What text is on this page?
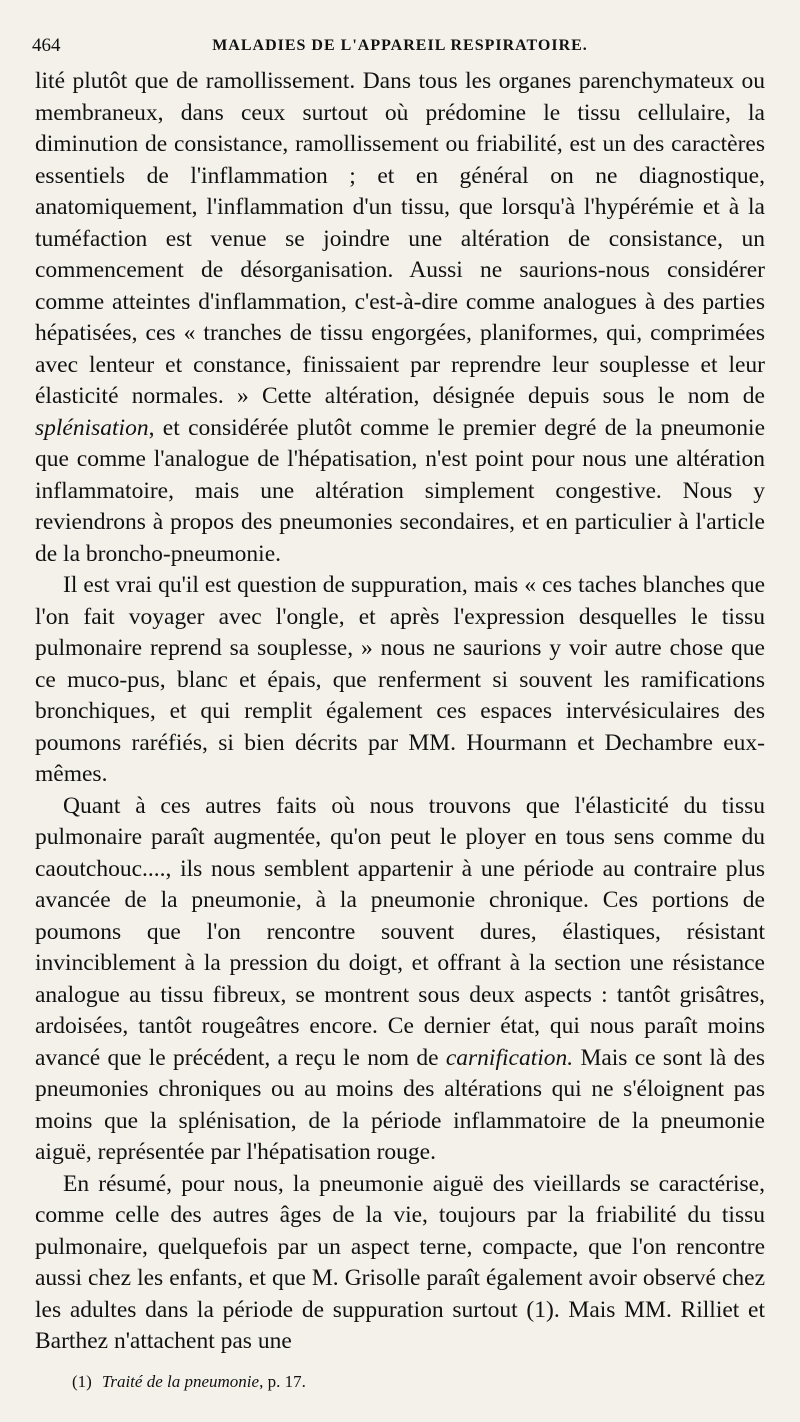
464	MALADIES DE L'APPAREIL RESPIRATOIRE.

lité plutôt que de ramollissement. Dans tous les organes parenchymateux ou membraneux, dans ceux surtout où prédomine le tissu cellulaire, la diminution de consistance, ramollissement ou friabilité, est un des caractères essentiels de l'inflammation ; et en général on ne diagnostique, anatomiquement, l'inflammation d'un tissu, que lorsqu'à l'hypérémie et à la tuméfaction est venue se joindre une altération de consistance, un commencement de désorganisation. Aussi ne saurions-nous considérer comme atteintes d'inflammation, c'est-à-dire comme analogues à des parties hépatisées, ces « tranches de tissu engorgées, planiformes, qui, comprimées avec lenteur et constance, finissaient par reprendre leur souplesse et leur élasticité normales. » Cette altération, désignée depuis sous le nom de splénisation, et considérée plutôt comme le premier degré de la pneumonie que comme l'analogue de l'hépatisation, n'est point pour nous une altération inflammatoire, mais une altération simplement congestive. Nous y reviendrons à propos des pneumonies secondaires, et en particulier à l'article de la broncho-pneumonie.

Il est vrai qu'il est question de suppuration, mais « ces taches blanches que l'on fait voyager avec l'ongle, et après l'expression desquelles le tissu pulmonaire reprend sa souplesse, » nous ne saurions y voir autre chose que ce muco-pus, blanc et épais, que renferment si souvent les ramifications bronchiques, et qui remplit également ces espaces intervésiculaires des poumons raréfiés, si bien décrits par MM. Hourmann et Dechambre eux-mêmes.

Quant à ces autres faits où nous trouvons que l'élasticité du tissu pulmonaire paraît augmentée, qu'on peut le ployer en tous sens comme du caoutchouc...., ils nous semblent appartenir à une période au contraire plus avancée de la pneumonie, à la pneumonie chronique. Ces portions de poumons que l'on rencontre souvent dures, élastiques, résistant invinciblement à la pression du doigt, et offrant à la section une résistance analogue au tissu fibreux, se montrent sous deux aspects : tantôt grisâtres, ardoisées, tantôt rougeâtres encore. Ce dernier état, qui nous paraît moins avancé que le précédent, a reçu le nom de carnification. Mais ce sont là des pneumonies chroniques ou au moins des altérations qui ne s'éloignent pas moins que la splénisation, de la période inflammatoire de la pneumonie aiguë, représentée par l'hépatisation rouge.

En résumé, pour nous, la pneumonie aiguë des vieillards se caractérise, comme celle des autres âges de la vie, toujours par la friabilité du tissu pulmonaire, quelquefois par un aspect terne, compacte, que l'on rencontre aussi chez les enfants, et que M. Grisolle paraît également avoir observé chez les adultes dans la période de suppuration surtout (1). Mais MM. Rilliet et Barthez n'attachent pas une

(1) Traité de la pneumonie, p. 17.
